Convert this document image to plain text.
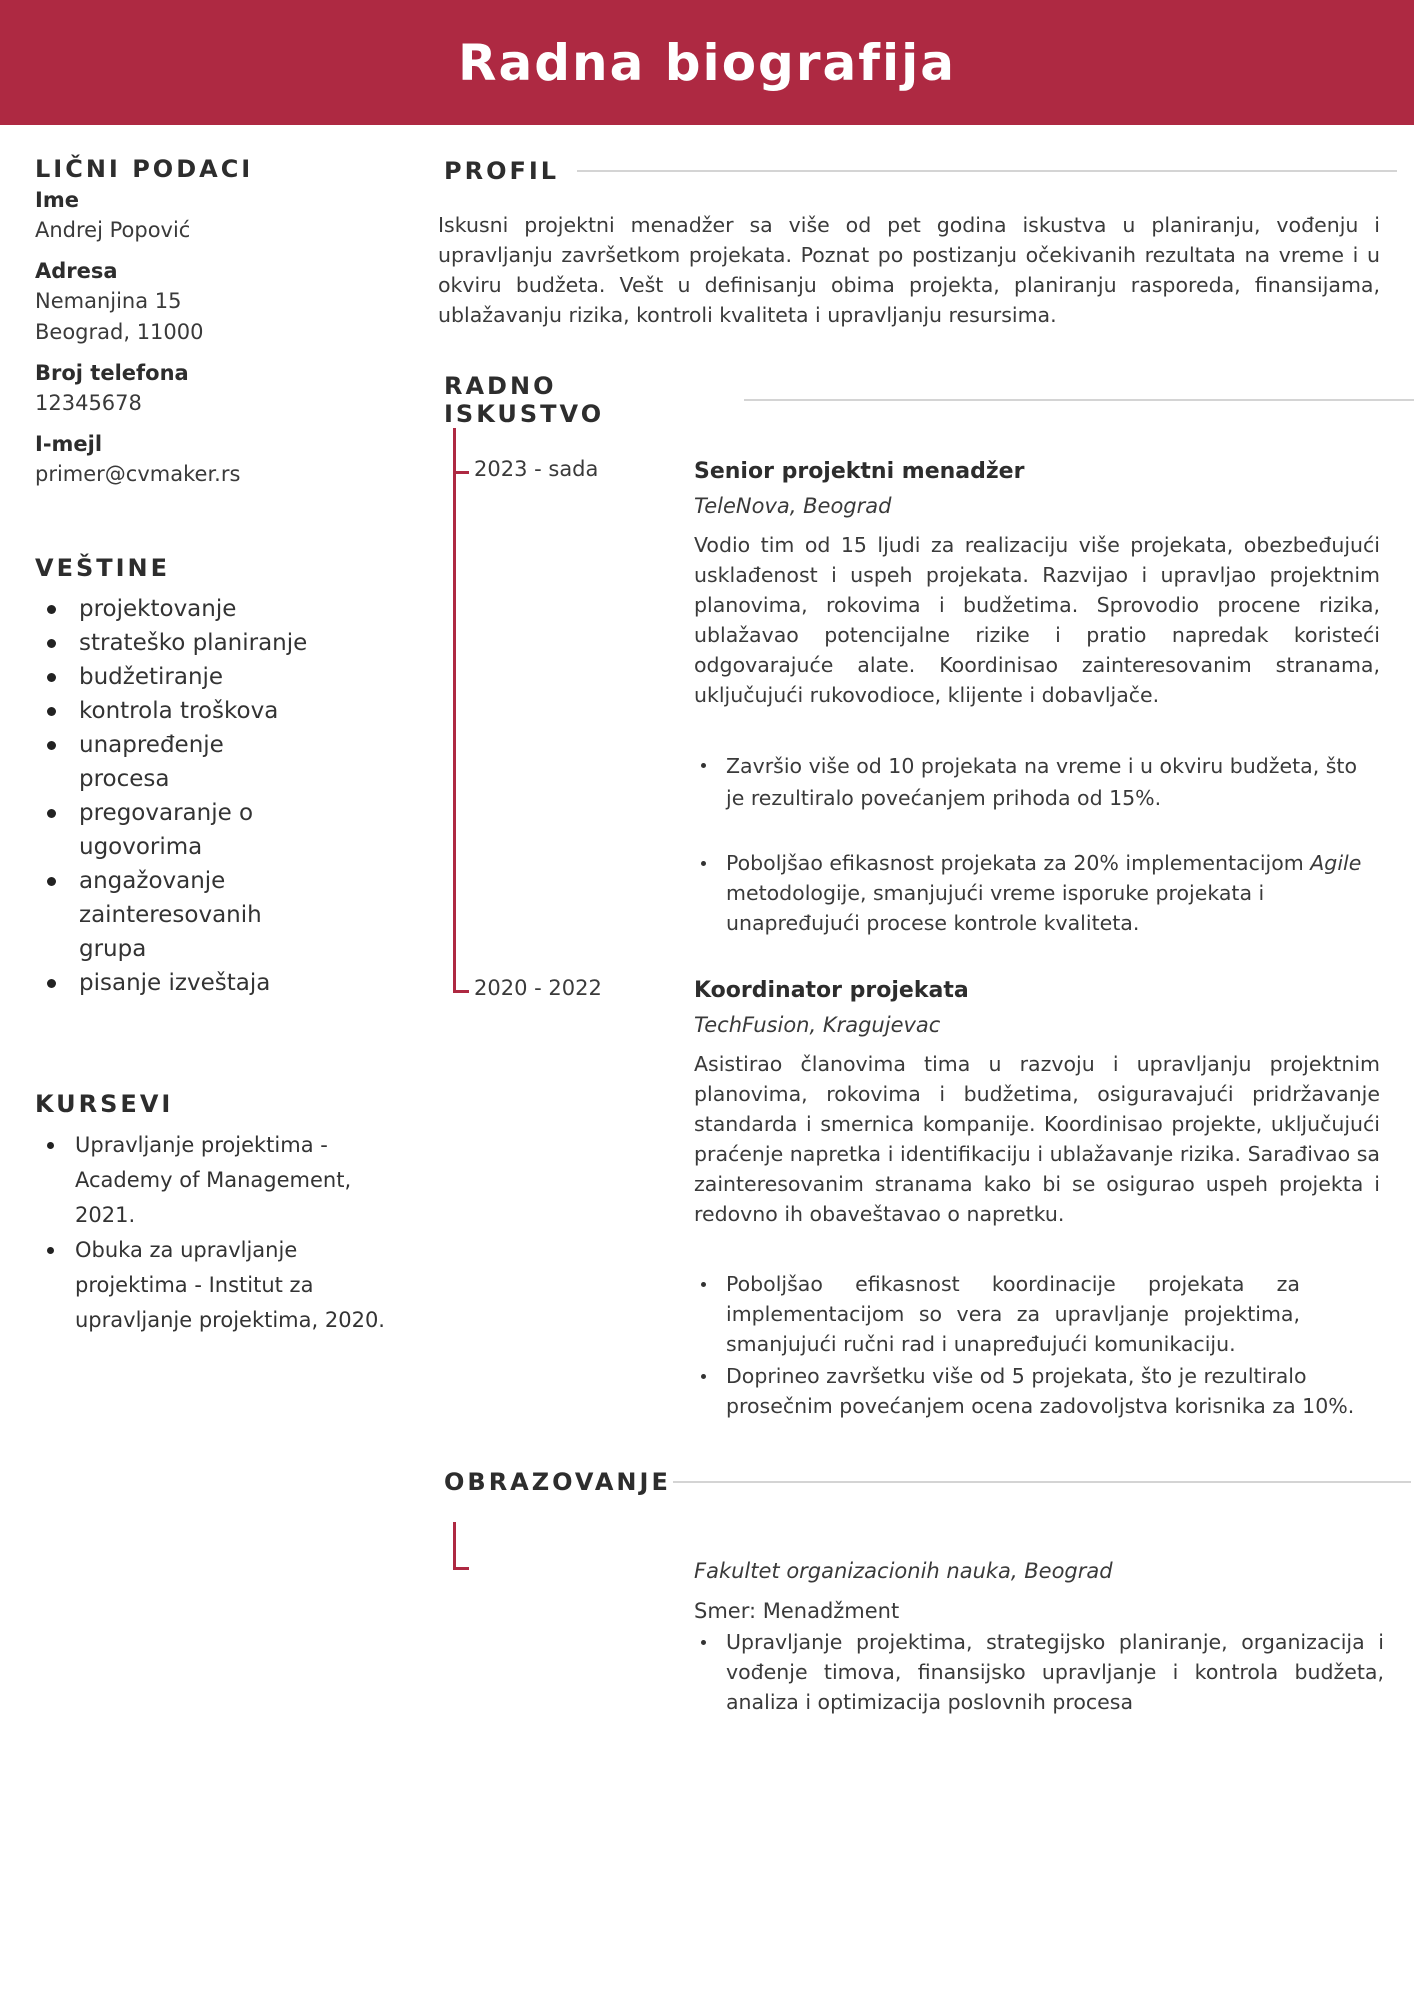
Radna biografija
LIČNI PODACI
Ime
Andrej Popović
Adresa
Nemanjina 15
Beograd, 11000
Broj telefona
12345678
I-mejl
primer@cvmaker.rs
VEŠTINE
projektovanje
strateško planiranje
budžetiranje
kontrola troškova
unapređenje procesa
pregovaranje o ugovorima
angažovanje zainteresovanih grupa
pisanje izveštaja
KURSEVI
Upravljanje projektima - Academy of Management, 2021.
Obuka za upravljanje projektima - Institut za upravljanje projektima, 2020.
PROFIL
Iskusni projektni menadžer sa više od pet godina iskustva u planiranju, vođenju i upravljanju završetkom projekata. Poznat po postizanju očekivanih rezultata na vreme i u okviru budžeta. Vešt u definisanju obima projekta, planiranju rasporeda, finansijama, ublažavanju rizika, kontroli kvaliteta i upravljanju resursima.
RADNO ISKUSTVO
2023 - sada	Senior projektni menadžer
TeleNova, Beograd
Vodio tim od 15 ljudi za realizaciju više projekata, obezbeđujući usklađenost i uspeh projekata. Razvijao i upravljao projektnim planovima, rokovima i budžetima. Sprovodio procene rizika, ublažavao potencijalne rizike i pratio napredak koristeći odgovarajuće alate. Koordinisao zainteresovanim stranama, uključujući rukovodioce, klijente i dobavljače.
Završio više od 10 projekata na vreme i u okviru budžeta, što je rezultiralo povećanjem prihoda od 15%.
Poboljšao efikasnost projekata za 20% implementacijom Agile metodologije, smanjujući vreme isporuke projekata i unapređujući procese kontrole kvaliteta.
2020 - 2022	Koordinator projekata
TechFusion, Kragujevac
Asistirao članovima tima u razvoju i upravljanju projektnim planovima, rokovima i budžetima, osiguravajući pridržavanje standarda i smernica kompanije. Koordinisao projekte, uključujući praćenje napretka i identifikaciju i ublažavanje rizika. Sarađivao sa zainteresovanim stranama kako bi se osigurao uspeh projekta i redovno ih obaveštavao o napretku.
Poboljšao efikasnost koordinacije projekata za implementacijom so vera za upravljanje projektima, smanjujući ručni rad i unapređujući komunikaciju.
Doprineo završetku više od 5 projekata, što je rezultiralo prosečnim povećanjem ocena zadovoljstva korisnika za 10%.
OBRAZOVANJE
Fakultet organizacionih nauka, Beograd
Smer: Menadžment
Upravljanje projektima, strategijsko planiranje, organizacija i vođenje timova, finansijsko upravljanje i kontrola budžeta, analiza i optimizacija poslovnih procesa
